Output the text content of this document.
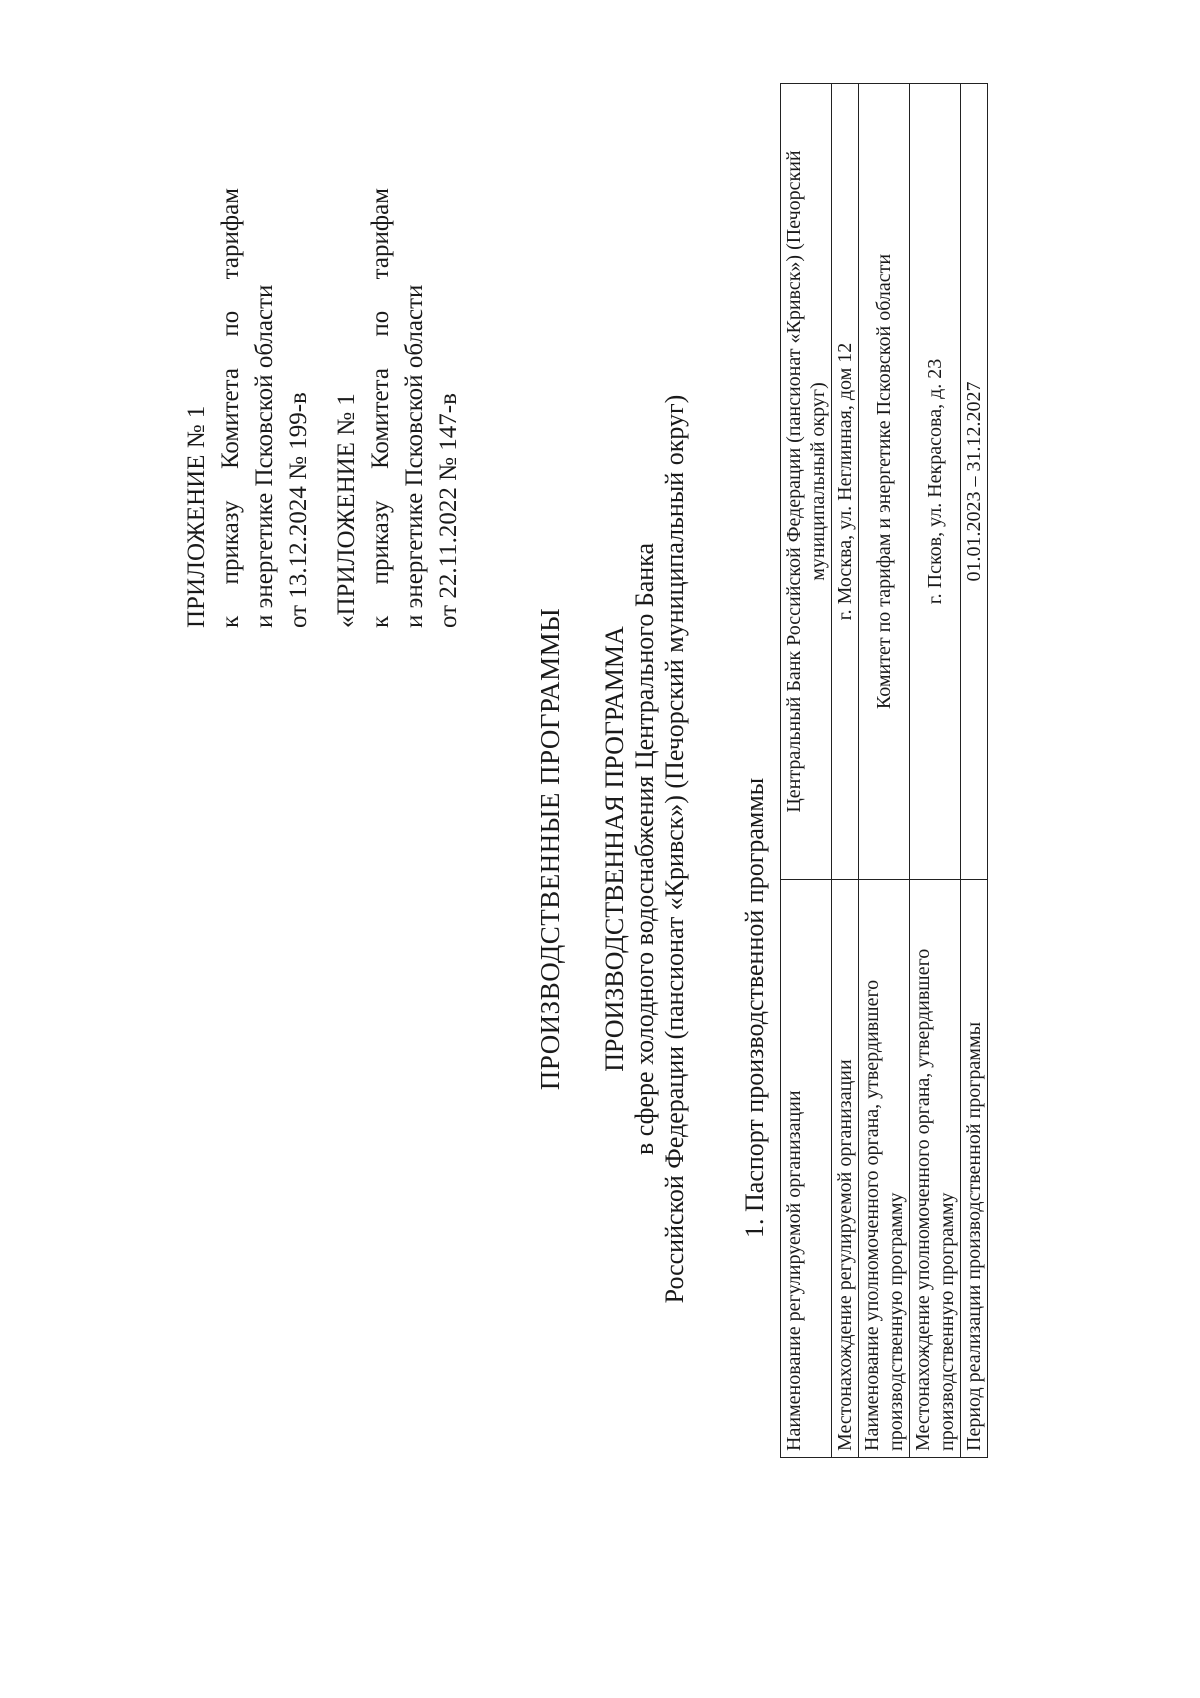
ПРИЛОЖЕНИЕ № 1 к
приказу
Комитета
по
тарифам
и энергетике Псковской области от 13.12.2024 № 199-в «ПРИЛОЖЕНИЕ № 1 к
приказу
Комитета
по
тарифам
и энергетике Псковской области от 22.11.2022 № 147-в
ПРОИЗВОДСТВЕННЫЕ ПРОГРАММЫ ПРОИЗВОДСТВЕННАЯ ПРОГРАММА в сфере холодного водоснабжения Центрального Банка Российской Федерации (пансионат «Кривск») (Печорский муниципальный округ) 1. Паспорт производственной программы
Наименование регулируемой организации	Центральный Банк Российской Федерации (пансионат «Кривск») (Печорский муниципальный округ)
Местонахождение регулируемой организации	г. Москва, ул. Неглинная, дом 12
Наименование уполномоченного органа, утвердившего производственную программу	Комитет по тарифам и энергетике Псковской области
Местонахождение уполномоченного органа, утвердившего производственную программу	г. Псков, ул. Некрасова, д. 23
Период реализации производственной программы	01.01.2023 – 31.12.2027
